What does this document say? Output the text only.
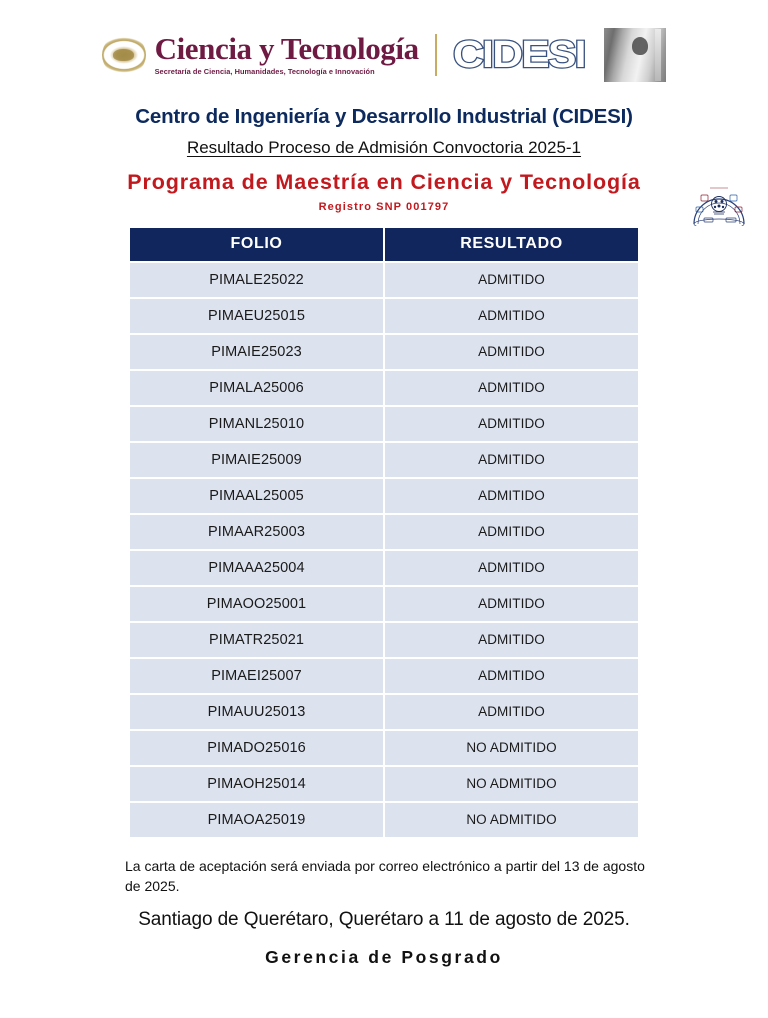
Ciencia y Tecnología
Secretaría de Ciencia, Humanidades, Tecnología e Innovación	CIDESI
Centro de Ingeniería y Desarrollo Industrial (CIDESI)
Resultado Proceso de Admisión Convoctoria 2025-1
Programa de Maestría en Ciencia y Tecnología
Registro SNP 001797
FOLIO	RESULTADO
PIMALE25022	ADMITIDO
PIMAEU25015	ADMITIDO
PIMAIE25023	ADMITIDO
PIMALA25006	ADMITIDO
PIMANL25010	ADMITIDO
PIMAIE25009	ADMITIDO
PIMAAL25005	ADMITIDO
PIMAAR25003	ADMITIDO
PIMAAA25004	ADMITIDO
PIMAOO25001	ADMITIDO
PIMATR25021	ADMITIDO
PIMAEI25007	ADMITIDO
PIMAUU25013	ADMITIDO
PIMADO25016	NO ADMITIDO
PIMAOH25014	NO ADMITIDO
PIMAOA25019	NO ADMITIDO
La carta de aceptación será enviada por correo electrónico a partir del 13 de agosto de 2025.
Santiago de Querétaro, Querétaro a 11 de agosto de 2025.
Gerencia de Posgrado
